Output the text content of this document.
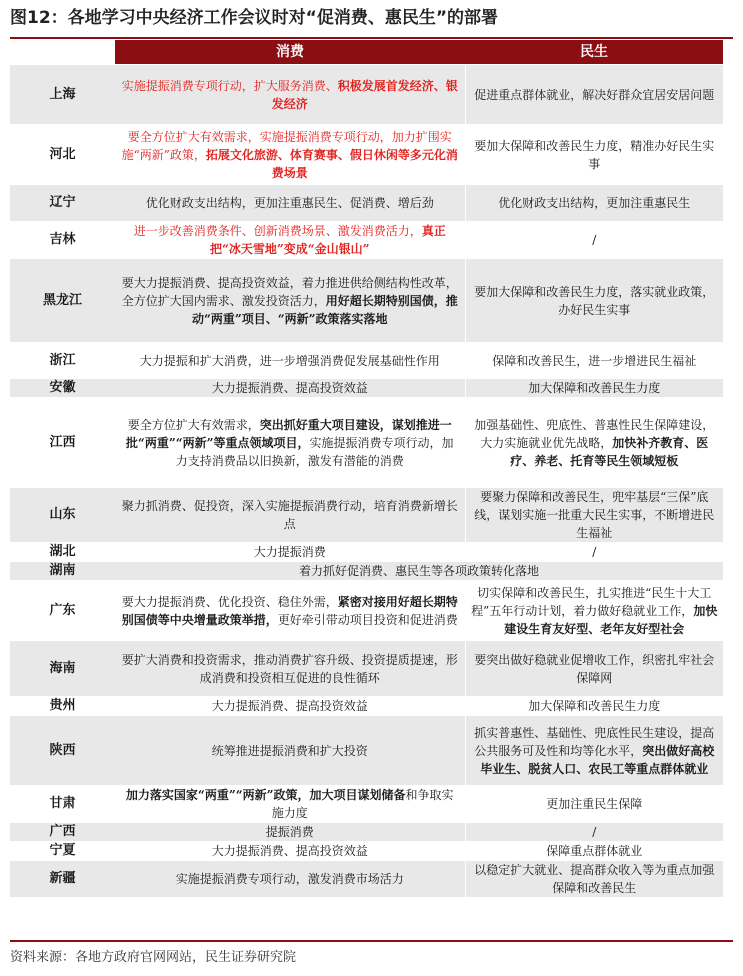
图12：各地学习中央经济工作会议时对“促消费、惠民生”的部署
	消费	民生
上海	实施提振消费专项行动，扩大服务消费、积极发展首发经济、银发经济	促进重点群体就业，解决好群众宜居安居问题
河北	要全方位扩大有效需求，实施提振消费专项行动，加力扩围实施“两新”政策，拓展文化旅游、体育赛事、假日休闲等多元化消费场景	要加大保障和改善民生力度，精准办好民生实事
辽宁	优化财政支出结构，更加注重惠民生、促消费、增后劲	优化财政支出结构，更加注重惠民生
吉林	进一步改善消费条件、创新消费场景、激发消费活力，真正把“冰天雪地”变成“金山银山”	/
黑龙江	要大力提振消费、提高投资效益，着力推进供给侧结构性改革，全方位扩大国内需求、激发投资活力，用好超长期特别国债，推动“两重”项目、“两新”政策落实落地	要加大保障和改善民生力度，落实就业政策，办好民生实事
浙江	大力提振和扩大消费，进一步增强消费促发展基础性作用	保障和改善民生，进一步增进民生福祉
安徽	大力提振消费、提高投资效益	加大保障和改善民生力度
江西	要全方位扩大有效需求，突出抓好重大项目建设，谋划推进一批“两重”“两新”等重点领域项目，实施提振消费专项行动，加力支持消费品以旧换新，激发有潜能的消费	加强基础性、兜底性、普惠性民生保障建设，大力实施就业优先战略，加快补齐教育、医疗、养老、托育等民生领域短板
山东	聚力抓消费、促投资，深入实施提振消费行动，培育消费新增长点	要聚力保障和改善民生，兜牢基层“三保”底线，谋划实施一批重大民生实事，不断增进民生福祉
湖北	大力提振消费	/
湖南	着力抓好促消费、惠民生等各项政策转化落地	
广东	要大力提振消费、优化投资、稳住外需，紧密对接用好超长期特别国债等中央增量政策举措，更好牵引带动项目投资和促进消费	切实保障和改善民生，扎实推进“民生十大工程”五年行动计划，着力做好稳就业工作，加快建设生育友好型、老年友好型社会
海南	要扩大消费和投资需求，推动消费扩容升级、投资提质提速，形成消费和投资相互促进的良性循环	要突出做好稳就业促增收工作，织密扎牢社会保障网
贵州	大力提振消费、提高投资效益	加大保障和改善民生力度
陕西	统筹推进提振消费和扩大投资	抓实普惠性、基础性、兜底性民生建设，提高公共服务可及性和均等化水平，突出做好高校毕业生、脱贫人口、农民工等重点群体就业
甘肃	加力落实国家“两重”“两新”政策，加大项目谋划储备和争取实施力度	更加注重民生保障
广西	提振消费	/
宁夏	大力提振消费、提高投资效益	保障重点群体就业
新疆	实施提振消费专项行动，激发消费市场活力	以稳定扩大就业、提高群众收入等为重点加强保障和改善民生
资料来源：各地方政府官网网站，民生证券研究院
